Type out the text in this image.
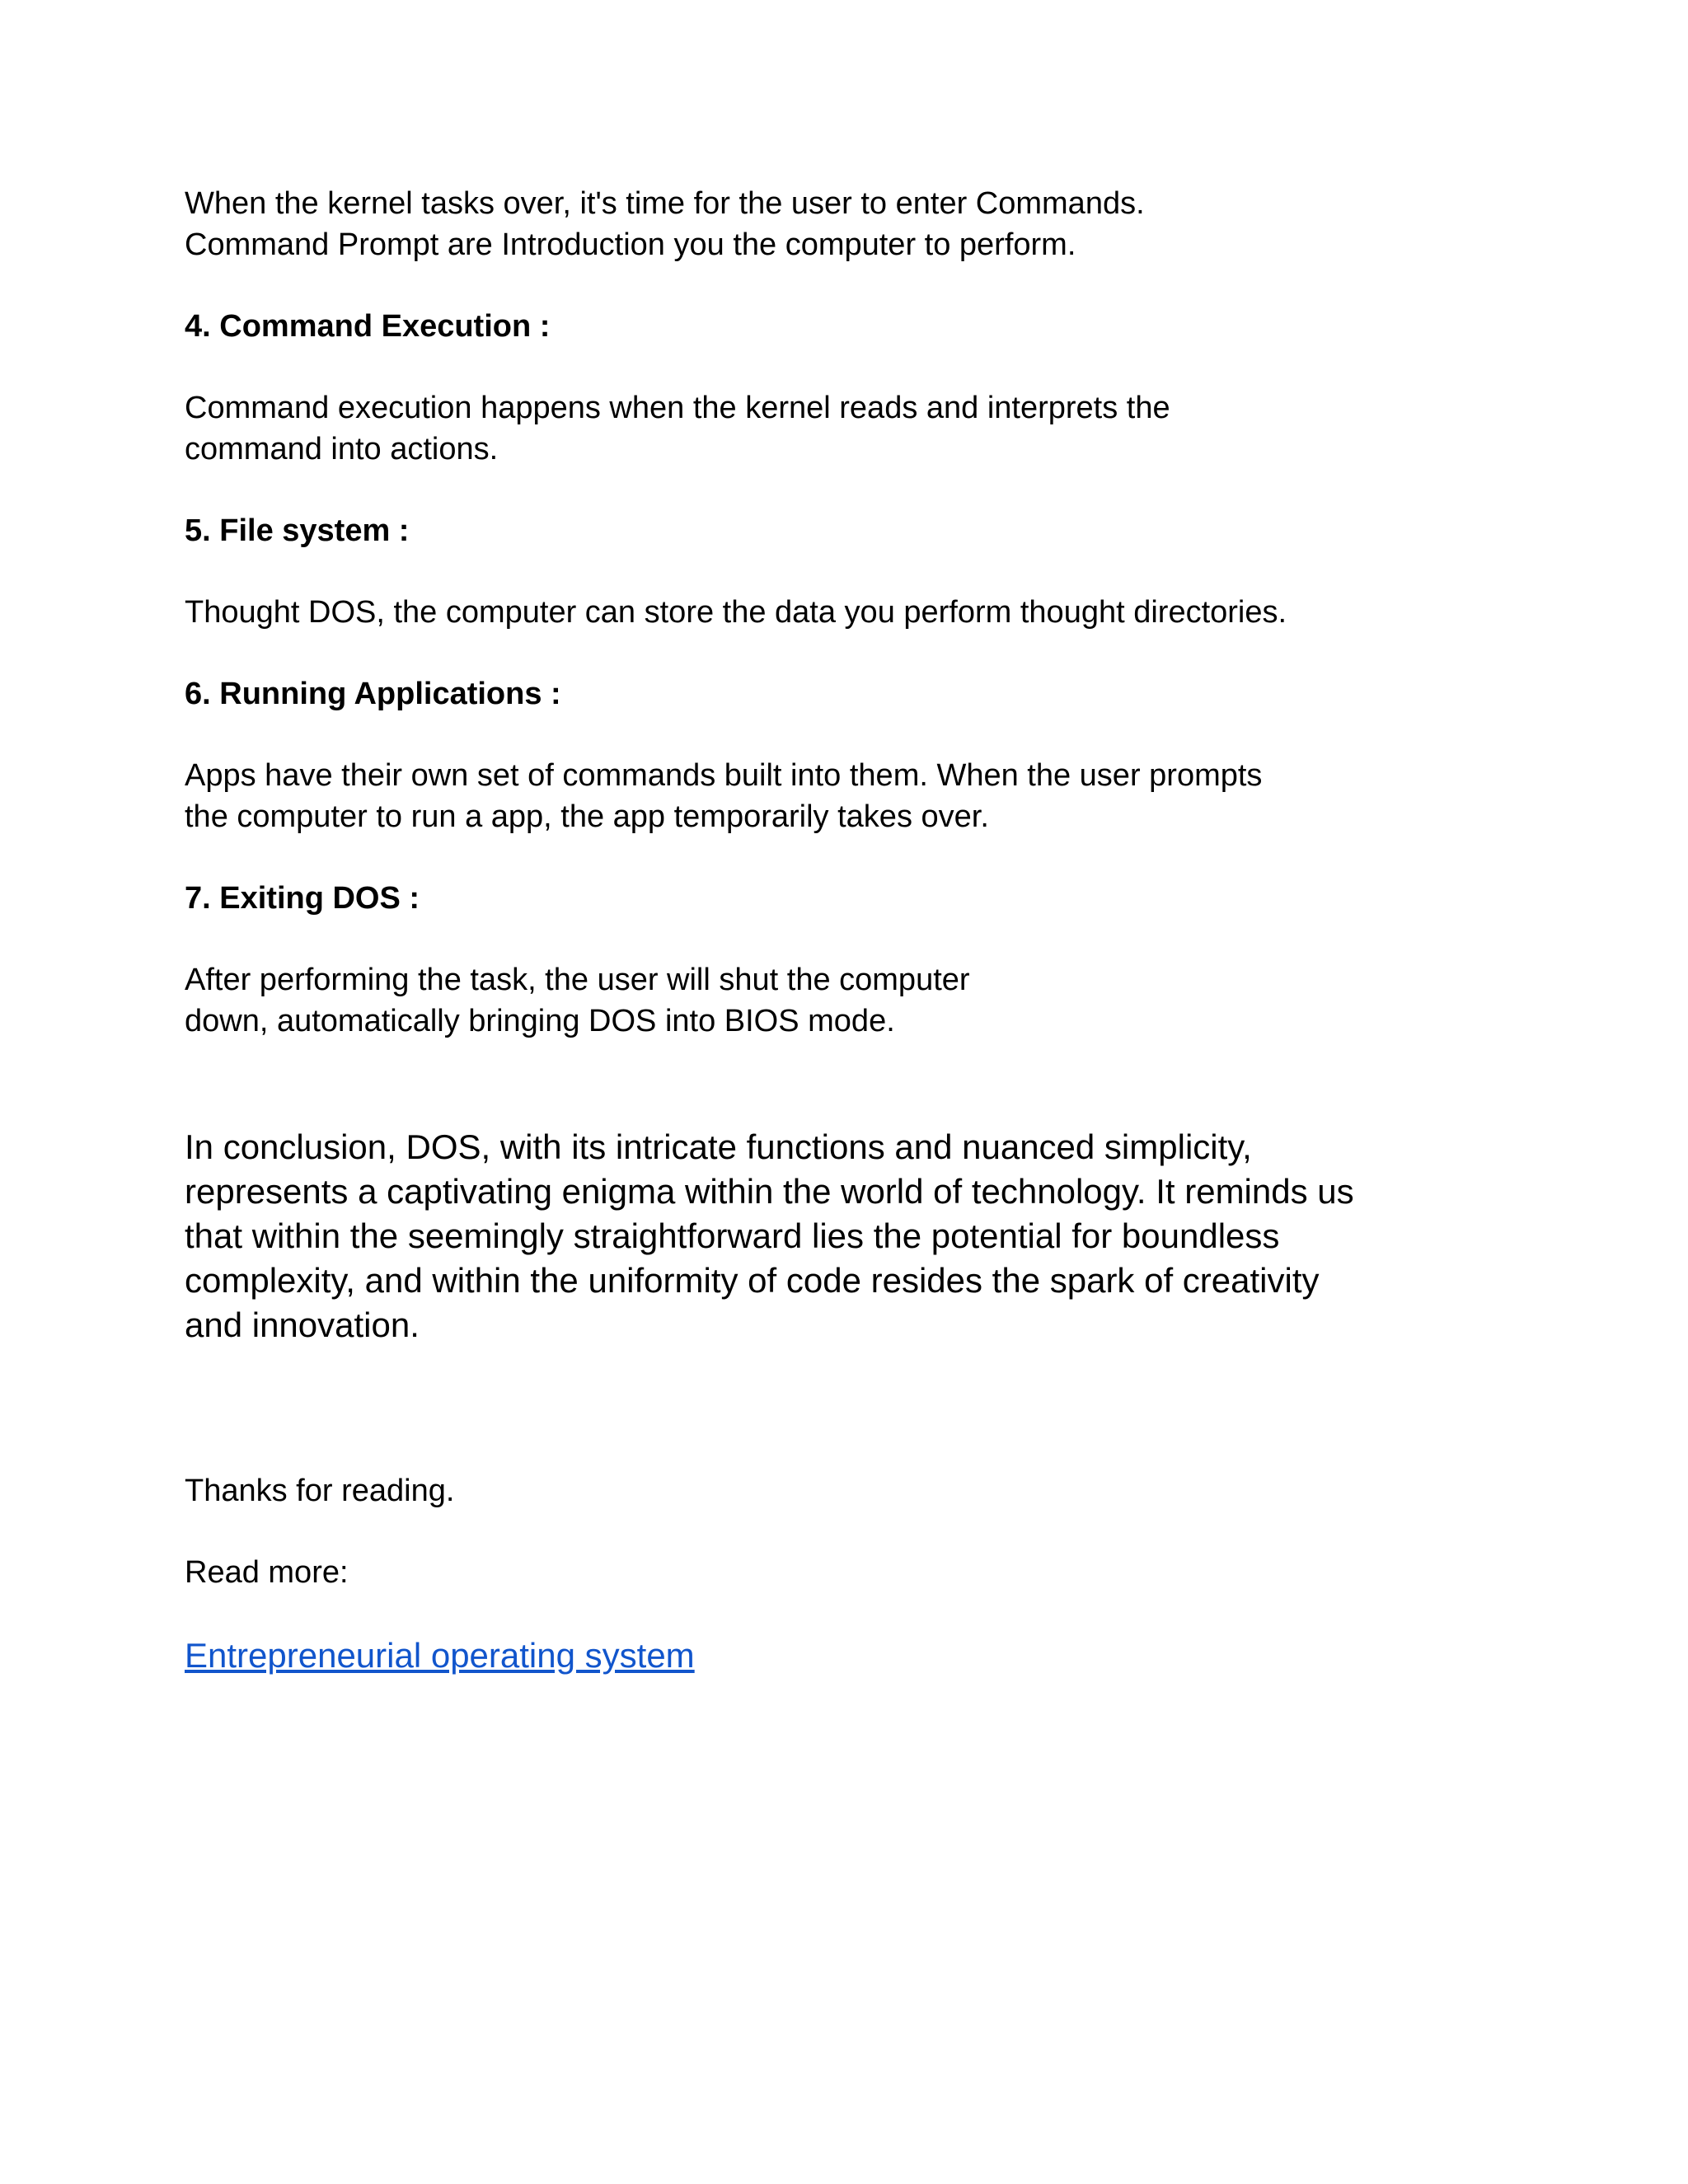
When the kernel tasks over, it's time for the user to enter Commands. Command Prompt are Introduction you the computer to perform.

4. Command Execution :

Command execution happens when the kernel reads and interprets the command into actions.

5. File system :

Thought DOS, the computer can store the data you perform thought directories.

6. Running Applications :

Apps have their own set of commands built into them. When the user prompts the computer to run a app, the app temporarily takes over.

7. Exiting DOS :

After performing the task, the user will shut the computer down, automatically bringing DOS into BIOS mode.

In conclusion, DOS, with its intricate functions and nuanced simplicity, represents a captivating enigma within the world of technology. It reminds us that within the seemingly straightforward lies the potential for boundless complexity, and within the uniformity of code resides the spark of creativity and innovation.

Thanks for reading.

Read more:

Entrepreneurial operating system
